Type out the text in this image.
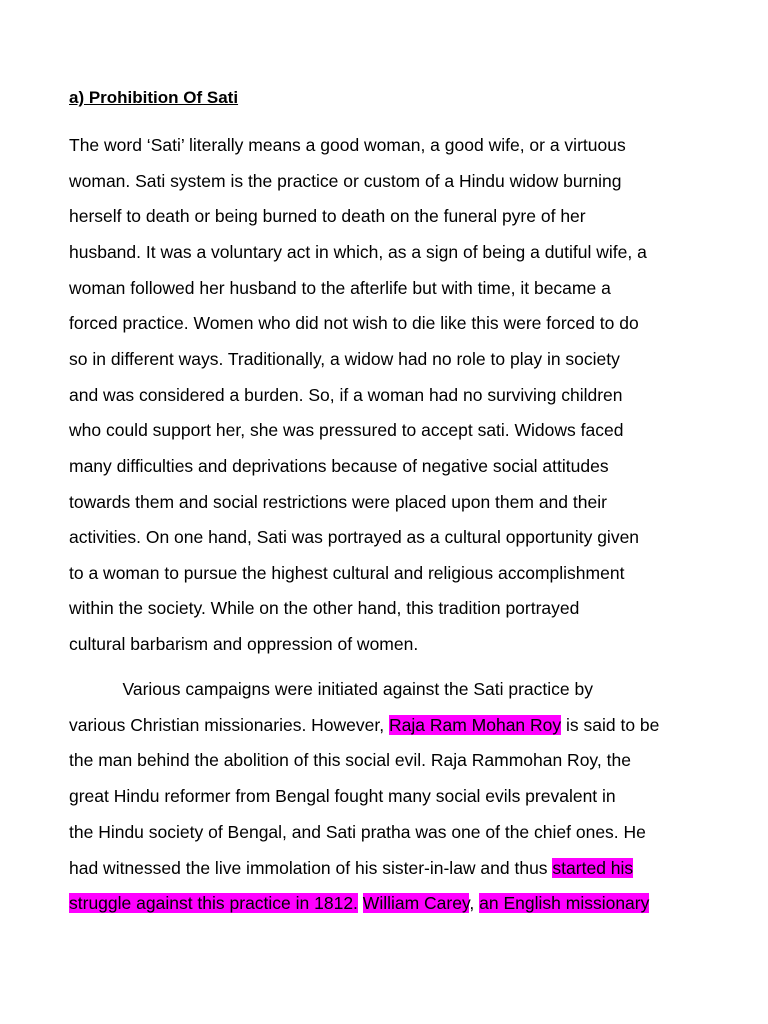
a) Prohibition Of Sati
The word ‘Sati’ literally means a good woman, a good wife, or a virtuous
woman. Sati system is the practice or custom of a Hindu widow burning
herself to death or being burned to death on the funeral pyre of her
husband. It was a voluntary act in which, as a sign of being a dutiful wife, a
woman followed her husband to the afterlife but with time, it became a
forced practice. Women who did not wish to die like this were forced to do
so in different ways. Traditionally, a widow had no role to play in society
and was considered a burden. So, if a woman had no surviving children
who could support her, she was pressured to accept sati. Widows faced
many difficulties and deprivations because of negative social attitudes
towards them and social restrictions were placed upon them and their
activities. On one hand, Sati was portrayed as a cultural opportunity given
to a woman to pursue the highest cultural and religious accomplishment
within the society. While on the other hand, this tradition portrayed
cultural barbarism and oppression of women.
Various campaigns were initiated against the Sati practice by
various Christian missionaries. However, Raja Ram Mohan Roy is said to be
the man behind the abolition of this social evil. Raja Rammohan Roy, the
great Hindu reformer from Bengal fought many social evils prevalent in
the Hindu society of Bengal, and Sati pratha was one of the chief ones. He
had witnessed the live immolation of his sister-in-law and thus started his
struggle against this practice in 1812. William Carey, an English missionary
